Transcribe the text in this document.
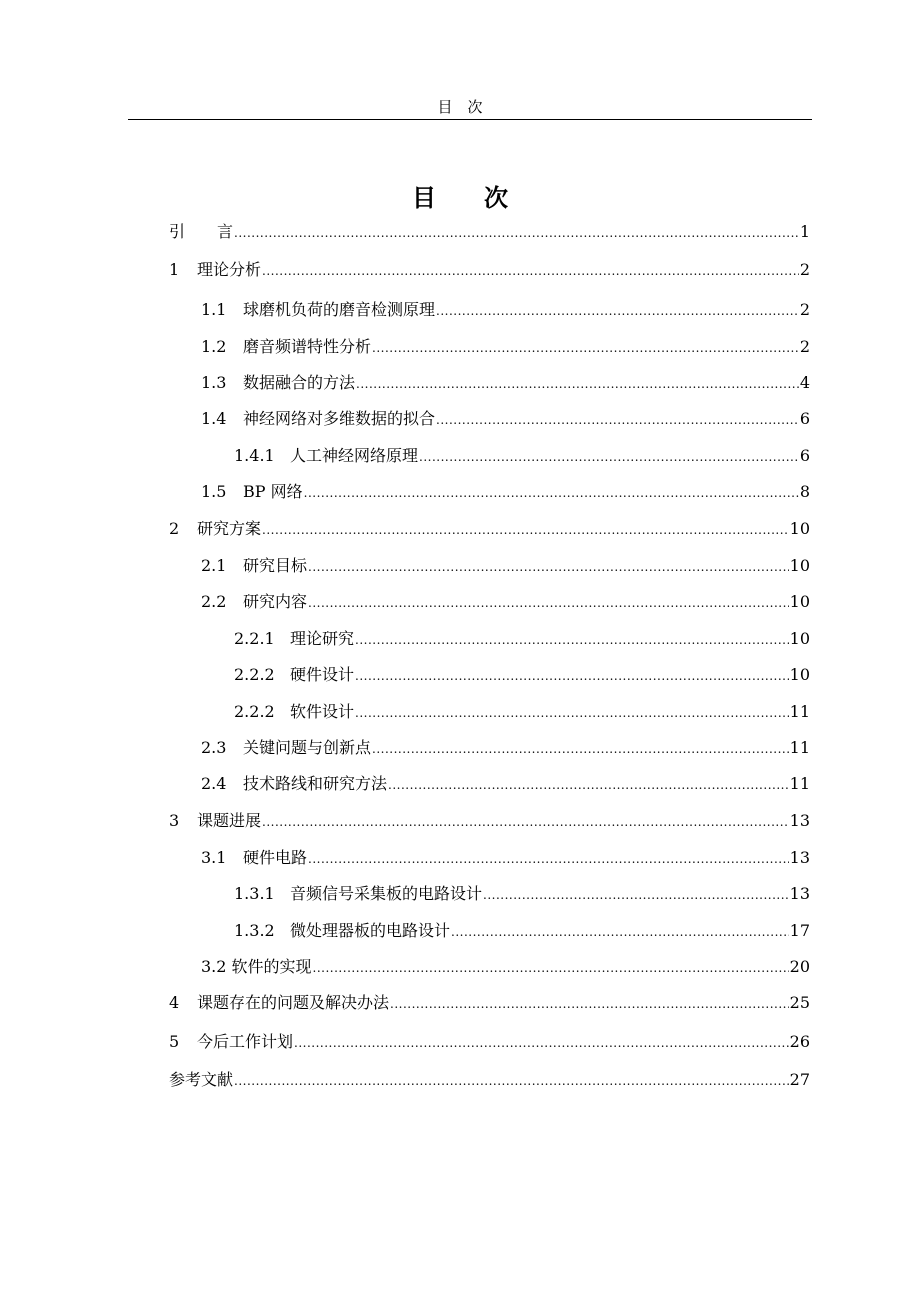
目　次
目 次
引　　言 .....	1
1	理论分析 .....	2
1.1	球磨机负荷的磨音检测原理 .....	2
1.2	磨音频谱特性分析 .....	2
1.3	数据融合的方法 .....	4
1.4	神经网络对多维数据的拟合 .....	6
1.4.1 人工神经网络原理 .....	6
1.5	BP 网络 .....	8
2	研究方案 .....	10
2.1	研究目标 .....	10
2.2	研究内容 .....	10
2.2.1 理论研究 .....	10
2.2.2 硬件设计 .....	10
2.2.2 软件设计 .....	11
2.3	关键问题与创新点 .....	11
2.4	技术路线和研究方法 .....	11
3	课题进展 .....	13
3.1	硬件电路 .....	13
1.3.1 音频信号采集板的电路设计 .....	13
1.3.2 微处理器板的电路设计 .....	17
3.2 软件的实现 .....	20
4	课题存在的问题及解决办法 .....	25
5	今后工作计划 .....	26
参考文献 .....	27
